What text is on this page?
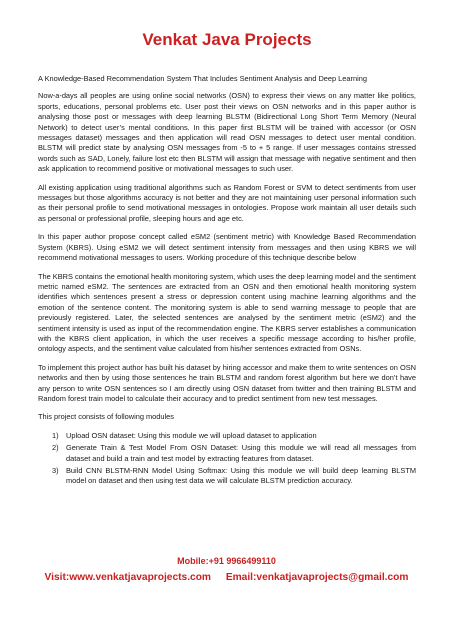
Venkat Java Projects

A Knowledge-Based Recommendation System That Includes Sentiment Analysis and Deep Learning

Now-a-days all peoples are using online social networks (OSN) to express their views on any matter like politics, sports, educations, personal problems etc. User post their views on OSN networks and in this paper author is analysing those post or messages with deep learning BLSTM (Bidirectional Long Short Term Memory (Neural Network) to detect user’s mental conditions. In this paper first BLSTM will be trained with accessor (or OSN messages dataset) messages and then application will read OSN messages to detect user mental condition. BLSTM will predict state by analysing OSN messages from -5 to + 5 range. If user messages contains stressed words such as SAD, Lonely, failure lost etc then BLSTM will assign that message with negative sentiment and then ask application to recommend positive or motivational messages to such user.

All existing application using traditional algorithms such as Random Forest or SVM to detect sentiments from user messages but those algorithms accuracy is not better and they are not maintaining user personal information such as their personal profile to send motivational messages in ontologies. Propose work maintain all user details such as personal or professional profile, sleeping hours and age etc.

In this paper author propose concept called eSM2 (sentiment metric) with Knowledge Based Recommendation System (KBRS). Using eSM2 we will detect sentiment intensity from messages and then using KBRS we will recommend motivational messages to users. Working procedure of this technique describe below

The KBRS contains the emotional health monitoring system, which uses the deep learning model and the sentiment metric named eSM2. The sentences are extracted from an OSN and then emotional health monitoring system identifies which sentences present a stress or depression content using machine learning algorithms and the emotion of the sentence content. The monitoring system is able to send warning message to people that are previously registered. Later, the selected sentences are analysed by the sentiment metric (eSM2) and the sentiment intensity is used as input of the recommendation engine. The KBRS server establishes a communication with the KBRS client application, in which the user receives a specific message according to his/her profile, ontology aspects, and the sentiment value calculated from his/her sentences extracted from OSNs.

To implement this project author has built his dataset by hiring accessor and make them to write sentences on OSN networks and then by using those sentences he train BLSTM and random forest algorithm but here we don’t have any person to write OSN sentences so I am directly using OSN dataset from twitter and then training BLSTM and Random forest train model to calculate their accuracy and to predict sentiment from new test messages.

This project consists of following modules

1)	Upload OSN dataset: Using this module we will upload dataset to application
2)	Generate Train & Test Model From OSN Dataset: Using this module we will read all messages from dataset and build a train and test model by extracting features from dataset.
3)	Build CNN BLSTM-RNN Model Using Softmax: Using this module we will build deep learning BLSTM model on dataset and then using test data we will calculate BLSTM prediction accuracy.
Mobile:+91 9966499110
Visit:www.venkatjavaprojects.com Email:venkatjavaprojects@gmail.com
